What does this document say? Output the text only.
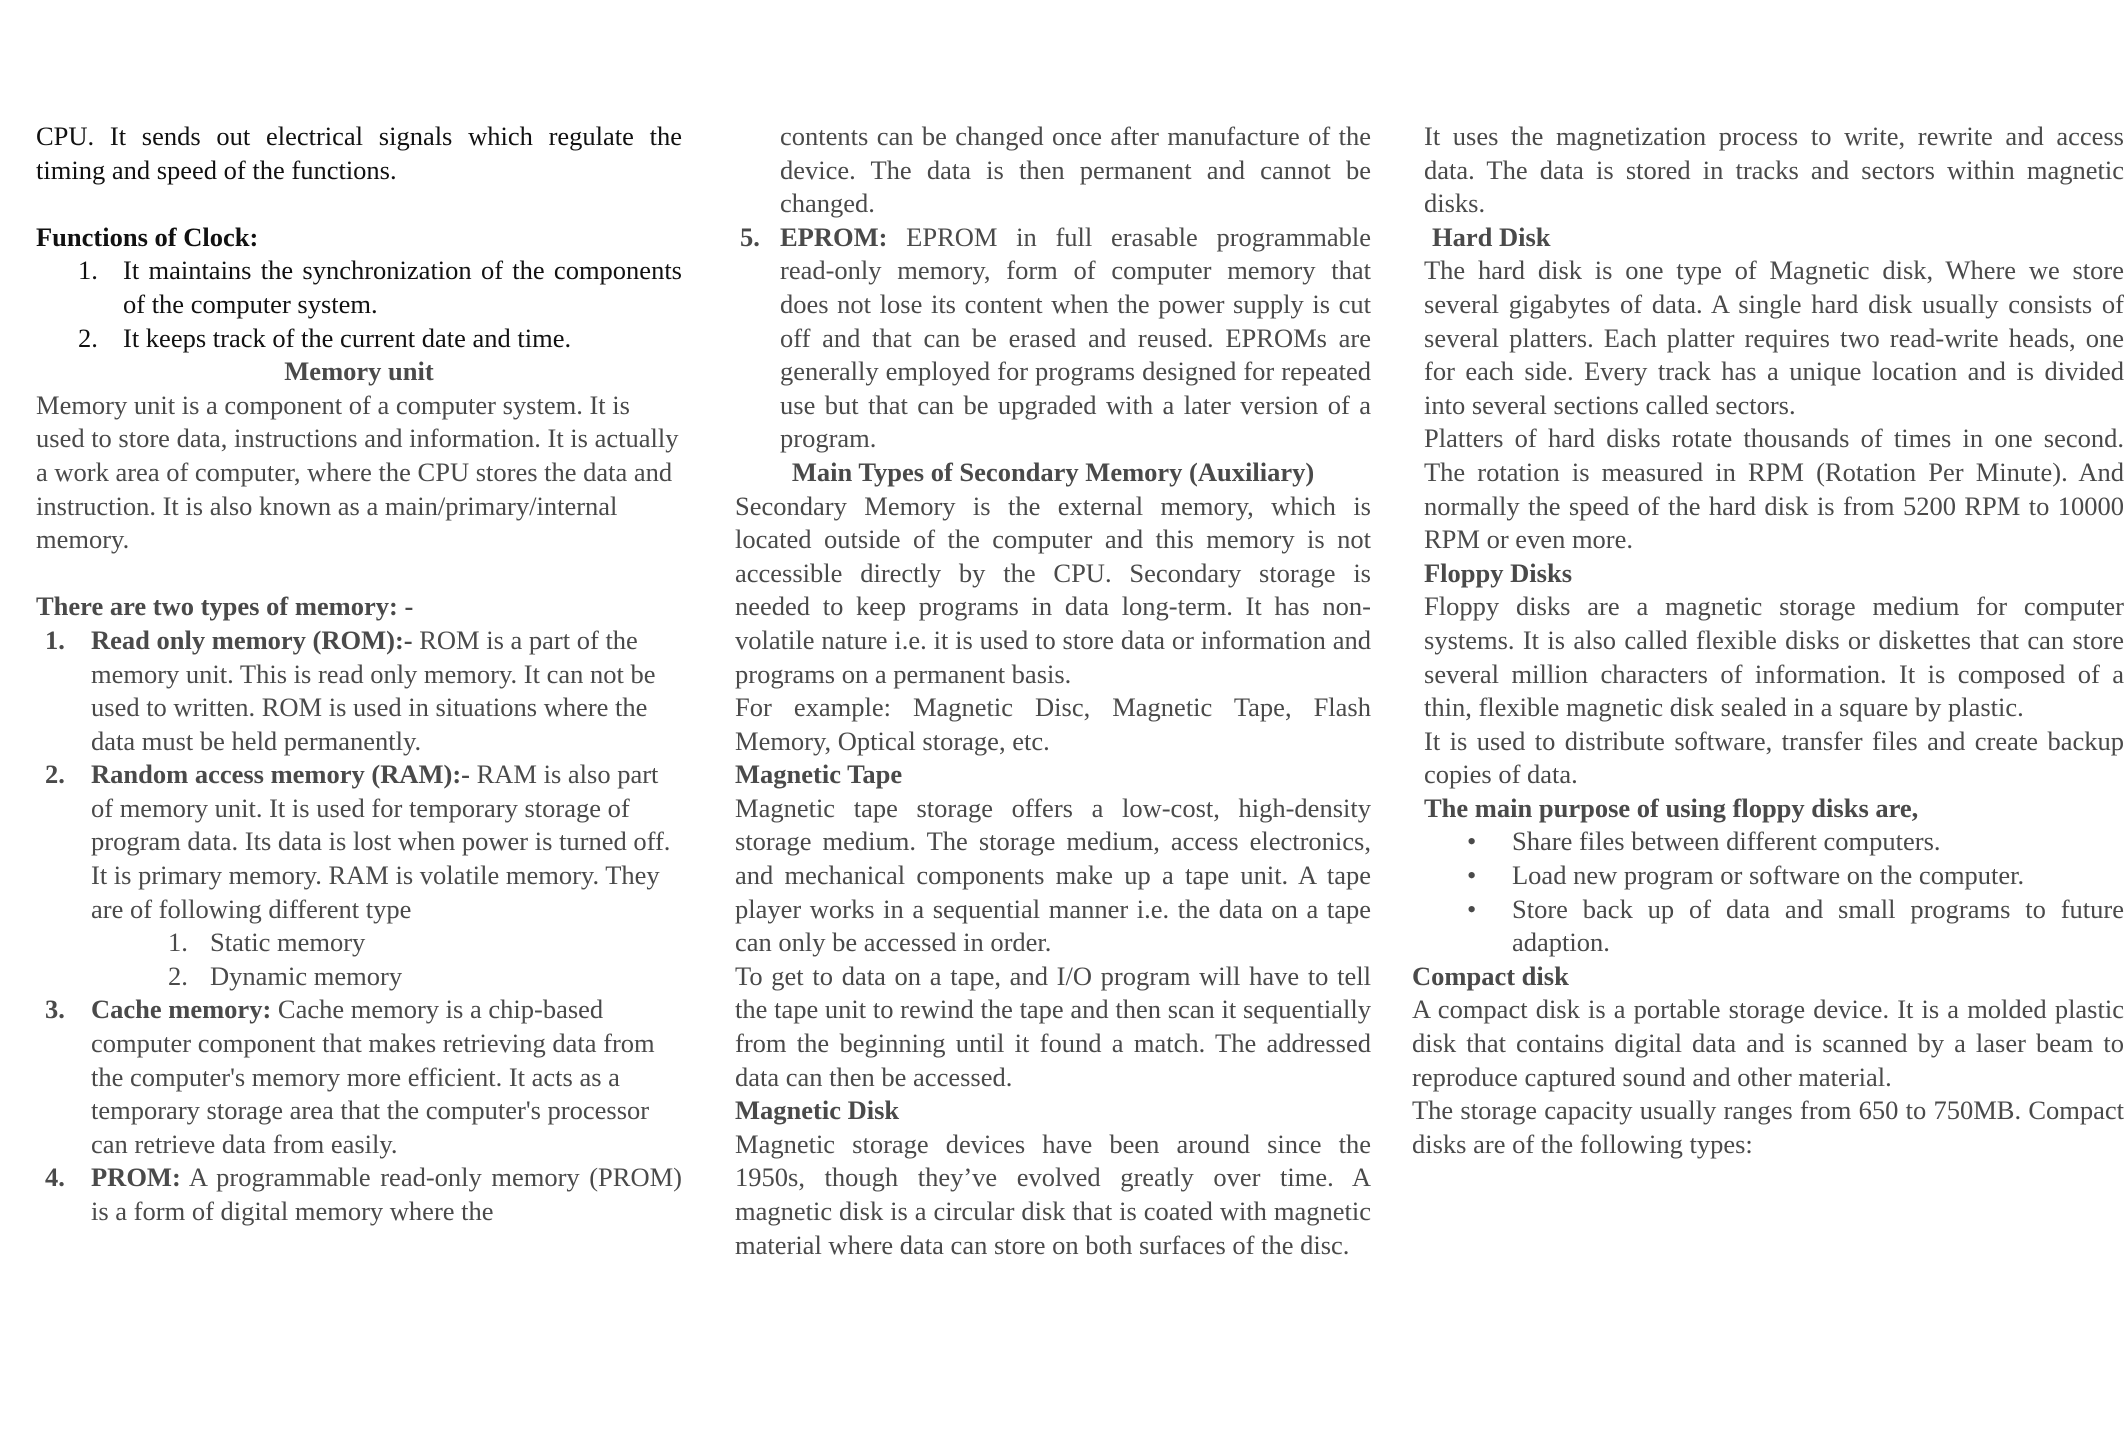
CPU. It sends out electrical signals which regulate the timing and speed of the functions.

Functions of Clock:

1. It maintains the synchronization of the components of the computer system.
2. It keeps track of the current date and time.

Memory unit

Memory unit is a component of a computer system. It is used to store data, instructions and information. It is actually a work area of computer, where the CPU stores the data and instruction. It is also known as a main/primary/internal memory.

There are two types of memory: -

1. Read only memory (ROM):- ROM is a part of the memory unit. This is read only memory. It can not be used to written. ROM is used in situations where the data must be held permanently.
2. Random access memory (RAM):- RAM is also part of memory unit. It is used for temporary storage of program data. Its data is lost when power is turned off. It is primary memory. RAM is volatile memory. They are of following different type
1. Static memory
2. Dynamic memory
3. Cache memory: Cache memory is a chip-based computer component that makes retrieving data from the computer's memory more efficient. It acts as a temporary storage area that the computer's processor can retrieve data from easily.
4. PROM: A programmable read-only memory (PROM) is a form of digital memory where the

contents can be changed once after manufacture of the device. The data is then permanent and cannot be changed.

5. EPROM: EPROM in full erasable programmable read-only memory, form of computer memory that does not lose its content when the power supply is cut off and that can be erased and reused. EPROMs are generally employed for programs designed for repeated use but that can be upgraded with a later version of a program.

Main Types of Secondary Memory (Auxiliary)

Secondary Memory is the external memory, which is located outside of the computer and this memory is not accessible directly by the CPU. Secondary storage is needed to keep programs in data long-term. It has non-volatile nature i.e. it is used to store data or information and programs on a permanent basis.

For example: Magnetic Disc, Magnetic Tape, Flash Memory, Optical storage, etc.

Magnetic Tape

Magnetic tape storage offers a low-cost, high-density storage medium. The storage medium, access electronics, and mechanical components make up a tape unit. A tape player works in a sequential manner i.e. the data on a tape can only be accessed in order.

To get to data on a tape, and I/O program will have to tell the tape unit to rewind the tape and then scan it sequentially from the beginning until it found a match. The addressed data can then be accessed.

Magnetic Disk

Magnetic storage devices have been around since the 1950s, though they’ve evolved greatly over time. A magnetic disk is a circular disk that is coated with magnetic material where data can store on both surfaces of the disc.

It uses the magnetization process to write, rewrite and access data. The data is stored in tracks and sectors within magnetic disks.

Hard Disk

The hard disk is one type of Magnetic disk, Where we store several gigabytes of data. A single hard disk usually consists of several platters. Each platter requires two read-write heads, one for each side. Every track has a unique location and is divided into several sections called sectors.

Platters of hard disks rotate thousands of times in one second. The rotation is measured in RPM (Rotation Per Minute). And normally the speed of the hard disk is from 5200 RPM to 10000 RPM or even more.

Floppy Disks

Floppy disks are a magnetic storage medium for computer systems. It is also called flexible disks or diskettes that can store several million characters of information. It is composed of a thin, flexible magnetic disk sealed in a square by plastic.

It is used to distribute software, transfer files and create backup copies of data.

The main purpose of using floppy disks are,

• Share files between different computers.
• Load new program or software on the computer.
• Store back up of data and small programs to future adaption.

Compact disk

A compact disk is a portable storage device. It is a molded plastic disk that contains digital data and is scanned by a laser beam to reproduce captured sound and other material.

The storage capacity usually ranges from 650 to 750MB. Compact disks are of the following types:
